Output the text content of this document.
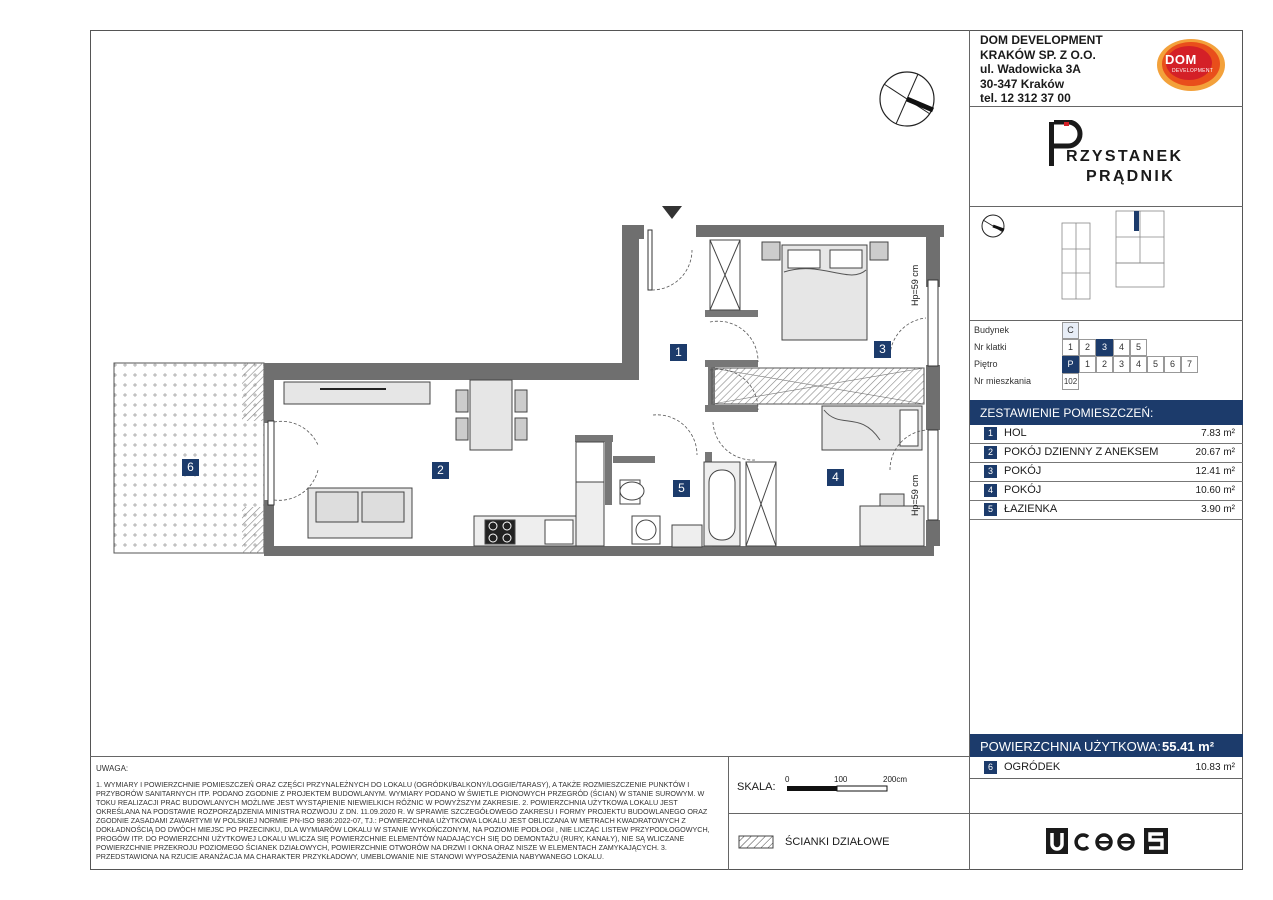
DOM DEVELOPMENT
KRAKÓW SP. Z O.O.
ul. Wadowicka 3A
30-347 Kraków
tel. 12 312 37 00
DOM
DEVELOPMENT
RZYSTANEK
PRĄDNIK
Budynek	C
Nr klatki	1	2	3	4	5
Piętro	P	1	2	3	4	5	6	7
Nr mieszkania	102
ZESTAWIENIE POMIESZCZEŃ:
1	HOL	7.83 m²
2	POKÓJ DZIENNY Z ANEKSEM	20.67 m²
3	POKÓJ	12.41 m²
4	POKÓJ	10.60 m²
5	ŁAZIENKA	3.90 m²
POWIERZCHNIA UŻYTKOWA: 55.41 m²
6	OGRÓDEK	10.83 m²
UWAGA:
1. WYMIARY I POWIERZCHNIE POMIESZCZEŃ ORAZ CZĘŚCI PRZYNALEŻNYCH DO LOKALU (OGRÓDKI/BALKONY/LOGGIE/TARASY), A TAKŻE ROZMIESZCZENIE PUNKTÓW I PRZYBORÓW SANITARNYCH ITP. PODANO ZGODNIE Z PROJEKTEM BUDOWLANYM. WYMIARY PODANO W ŚWIETLE PIONOWYCH PRZEGRÓD (ŚCIAN) W STANIE SUROWYM. W TOKU REALIZACJI PRAC BUDOWLANYCH MOŻLIWE JEST WYSTĄPIENIE NIEWIELKICH RÓŻNIC W POWYŻSZYM ZAKRESIE. 2. POWIERZCHNIA UŻYTKOWA LOKALU JEST OKREŚLANA NA PODSTAWIE ROZPORZĄDZENIA MINISTRA ROZWOJU Z DN. 11.09.2020 R. W SPRAWIE SZCZEGÓŁOWEGO ZAKRESU I FORMY PROJEKTU BUDOWLANEGO ORAZ ZGODNIE ZASADAMI ZAWARTYMI W POLSKIEJ NORMIE PN-ISO 9836:2022-07, TJ.: POWIERZCHNIA UŻYTKOWA LOKALU JEST OBLICZANA W METRACH KWADRATOWYCH Z DOKŁADNOŚCIĄ DO DWÓCH MIEJSC PO PRZECINKU, DLA WYMIARÓW LOKALU W STANIE WYKOŃCZONYM, NA POZIOMIE PODŁOGI , NIE LICZĄC LISTEW PRZYPODŁOGOWYCH, PROGÓW ITP. DO POWIERZCHNI UŻYTKOWEJ LOKALU WLICZA SIĘ POWIERZCHNIE ELEMENTÓW NADAJĄCYCH SIĘ DO DEMONTAŻU (RURY, KANAŁY), NIE SĄ WLICZANE POWIERZCHNIE PRZEKROJU POZIOMEGO ŚCIANEK DZIAŁOWYCH, POWIERZCHNIE OTWORÓW NA DRZWI I OKNA ORAZ NISZE W ELEMENTACH ZAMYKAJĄCYCH. 3. PRZEDSTAWIONA NA RZUCIE ARANŻACJA MA CHARAKTER PRZYKŁADOWY, UMEBLOWANIE NIE STANOWI WYPOSAŻENIA NABYWANEGO LOKALU.
SKALA:
0	100	200cm
ŚCIANKI DZIAŁOWE
1
2
3
4
5
6
Hp=59 cm
Hp=59 cm
